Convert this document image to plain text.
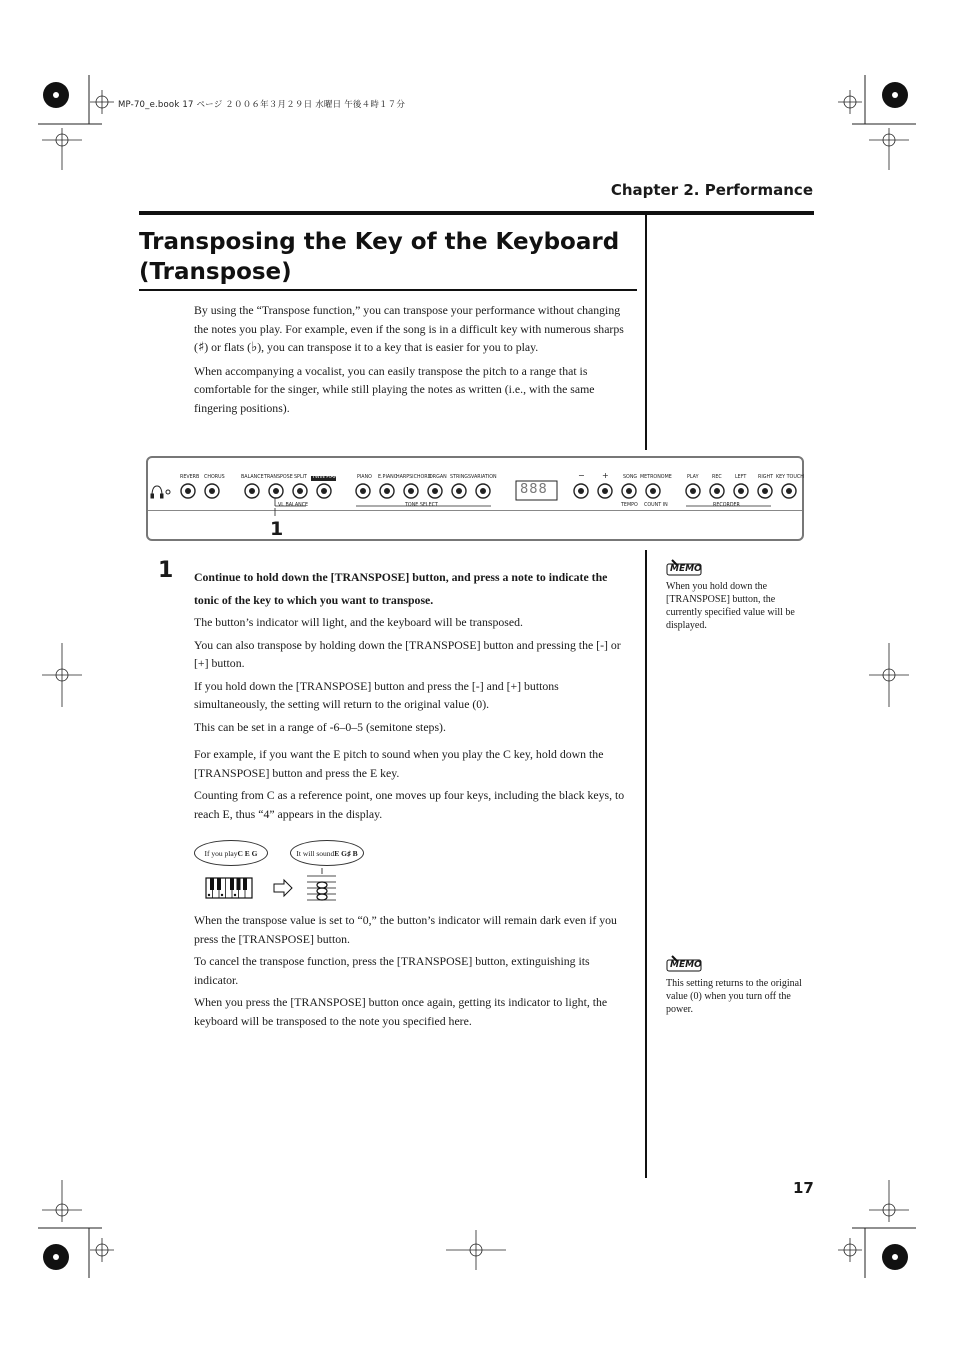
MP-70_e.book 17 ページ ２００６年３月２９日 水曜日 午後４時１７分
Chapter 2. Performance
Transposing the Key of the Keyboard (Transpose)

By using the “Transpose function,” you can transpose your performance without changing the notes you play. For example, even if the song is in a difficult key with numerous sharps (♯) or flats (♭), you can transpose it to a key that is easier for you to play.

When accompanying a vocalist, you can easily transpose the pitch to a range that is comfortable for the singer, while still playing the notes as written (i.e., with the same fingering positions).

REVERB CHORUS	BALANCE TRANSPOSE SPLIT TWIN PIANO	PIANO E.PIANO
HARPSICHORD
ORGAN STRINGS VARIATION	− +	SONG METRONOME	PLAY	REC	LEFT RIGHT KEY TOUCH
VL BALANCE	TONE SELECT	TEMPO COUNT IN	RECORDER
888
1
1 Continue to hold down the [TRANSPOSE] button, and press a note to indicate the tonic of the key to which you want to transpose.

The button’s indicator will light, and the keyboard will be transposed.

You can also transpose by holding down the [TRANSPOSE] button and pressing the [-] or [+] button.

If you hold down the [TRANSPOSE] button and press the [-] and [+] buttons simultaneously, the setting will return to the original value (0).

This can be set in a range of -6–0–5 (semitone steps).

For example, if you want the E pitch to sound when you play the C key, hold down the [TRANSPOSE] button and press the E key.

Counting from C as a reference point, one moves up four keys, including the black keys, to reach E, thus “4” appears in the display.

If you play C E G	It will sound E G♯ B

When the transpose value is set to “0,” the button’s indicator will remain dark even if you press the [TRANSPOSE] button.

To cancel the transpose function, press the [TRANSPOSE] button, extinguishing its indicator.

When you press the [TRANSPOSE] button once again, getting its indicator to light, the keyboard will be transposed to the note you specified here.

MEMO
When you hold down the [TRANSPOSE] button, the currently specified value will be displayed.
MEMO
This setting returns to the original value (0) when you turn off the power.
17
